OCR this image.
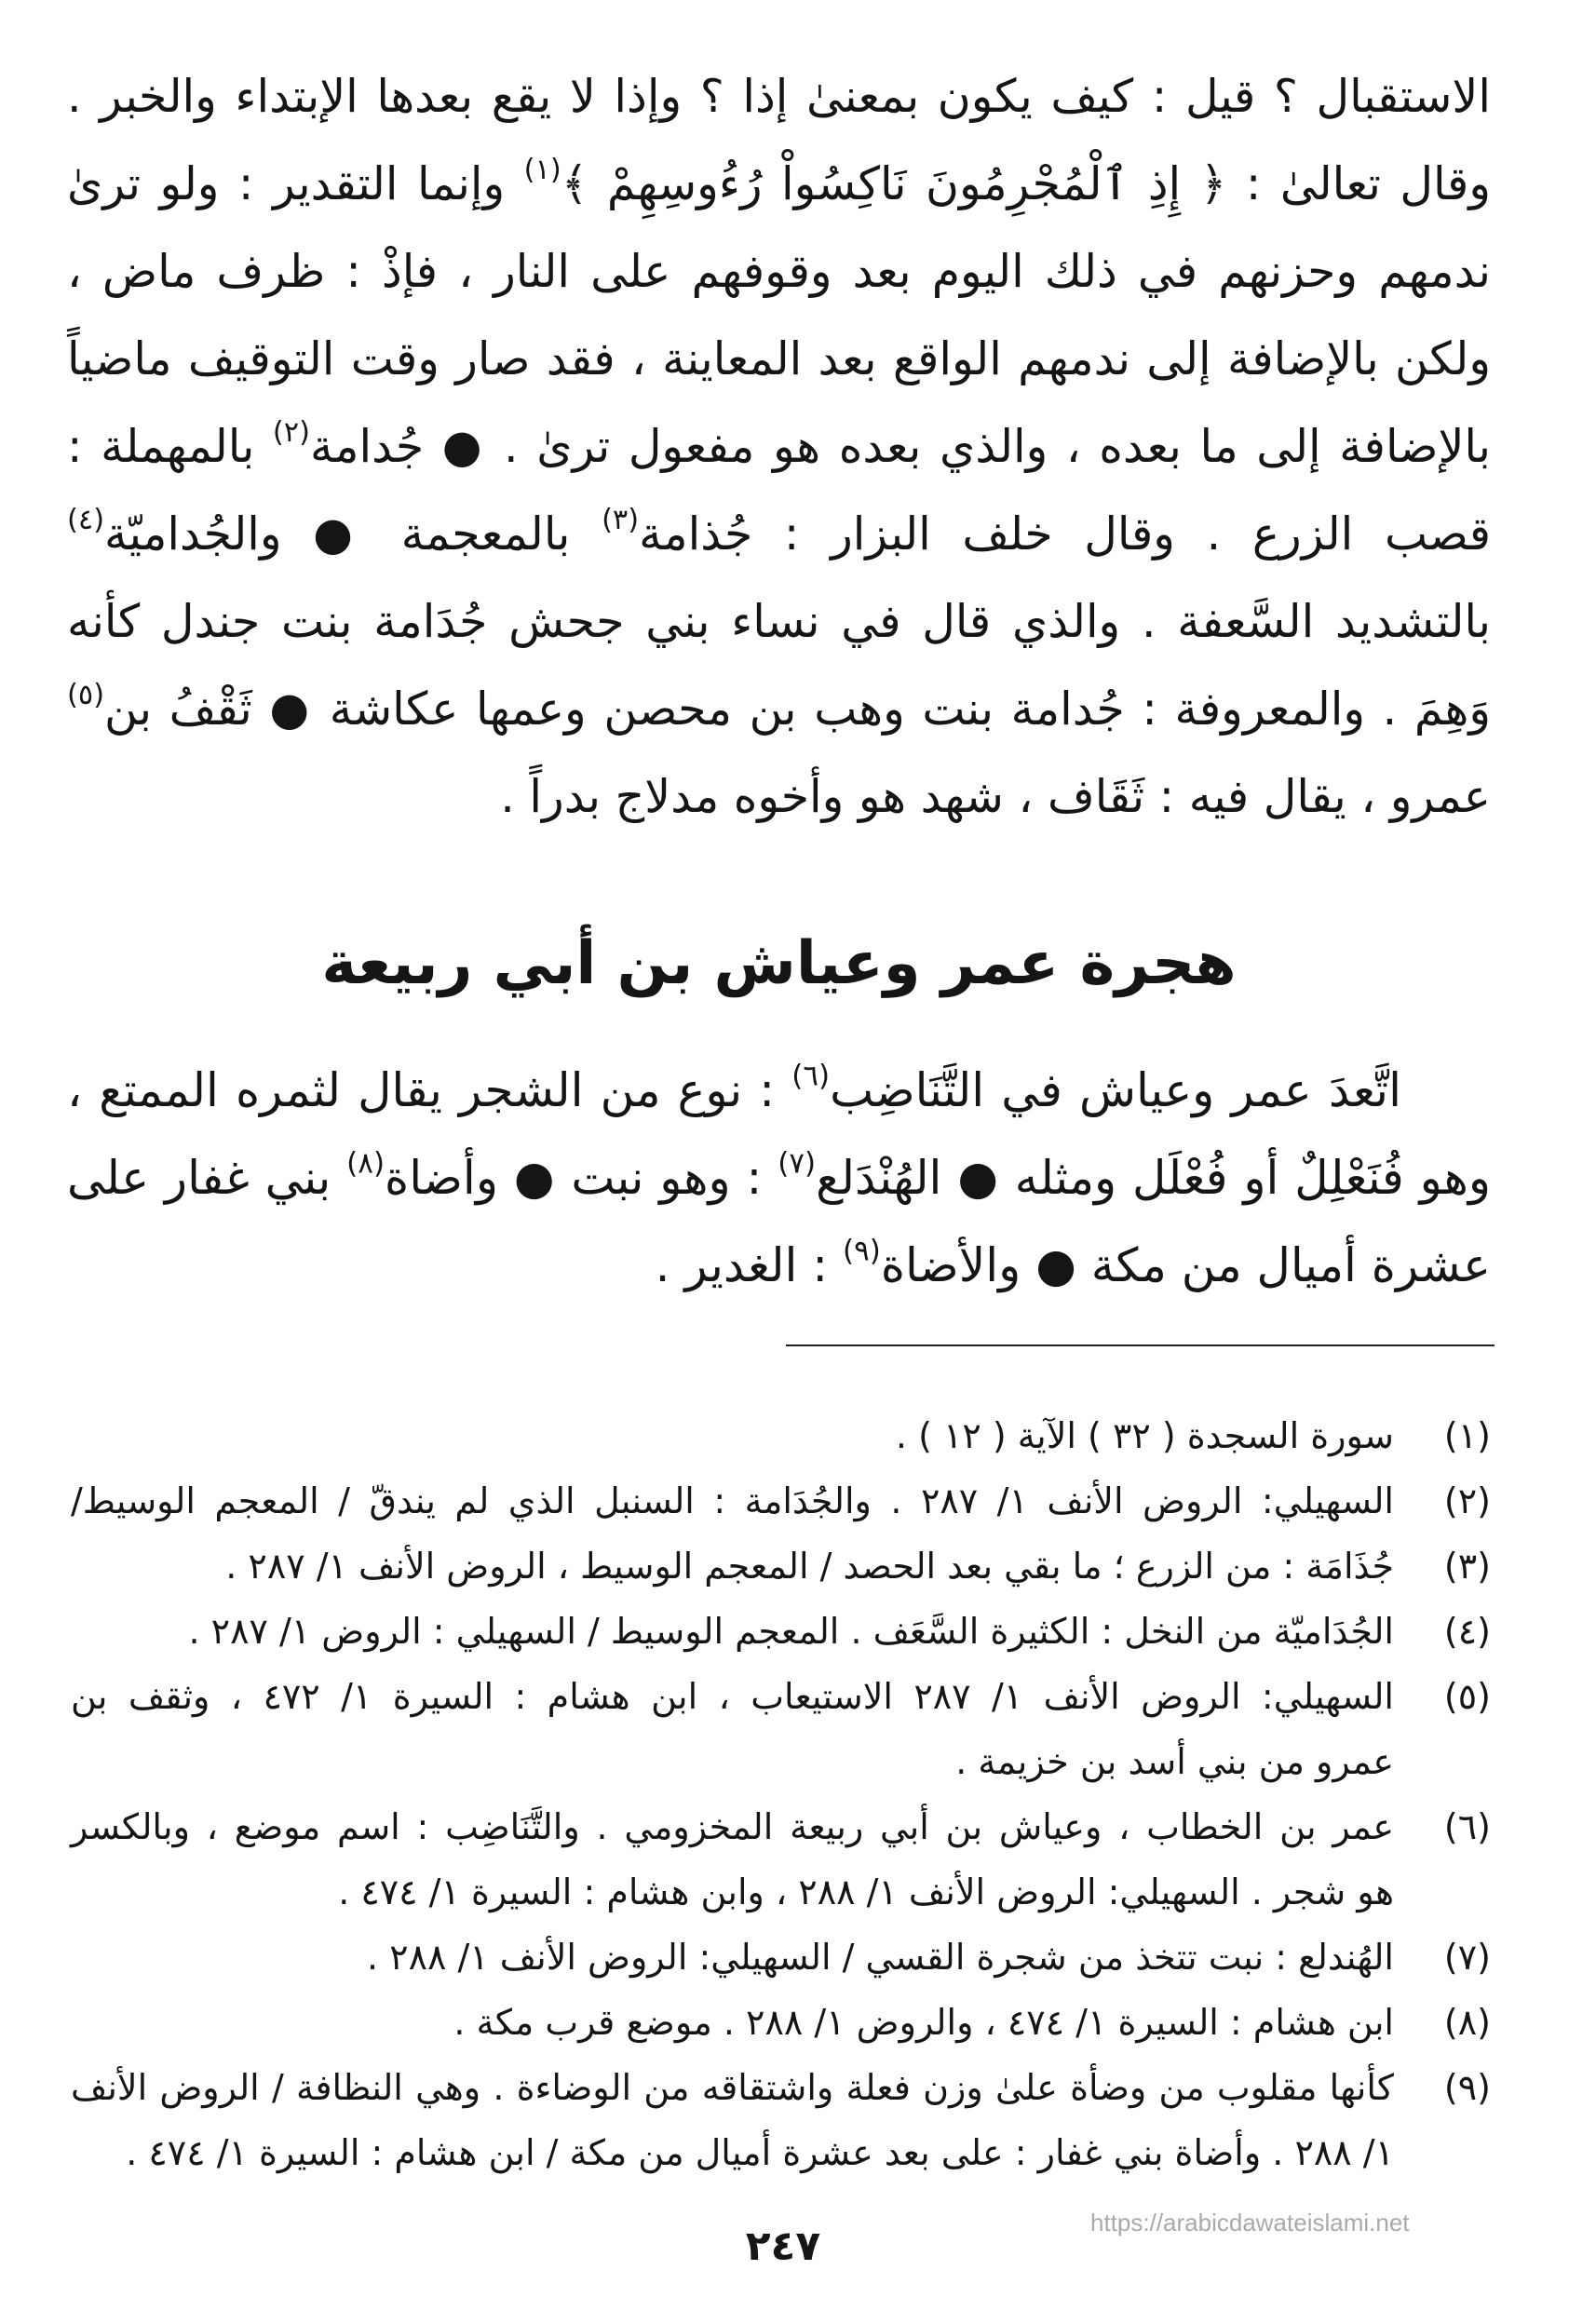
الاستقبال ؟ قيل : كيف يكون بمعنىٰ إذا ؟ وإذا لا يقع بعدها الإبتداء والخبر .
وقال تعالىٰ : ﴿ إِذِ ٱلْمُجْرِمُونَ نَاكِسُواْ رُءُوسِهِمْ ﴾$^{(١)}$ وإنما التقدير : ولو ترىٰ
ندمهم وحزنهم في ذلك اليوم بعد وقوفهم على النار ، فإذْ : ظرف ماض ،
ولكن بالإضافة إلى ندمهم الواقع بعد المعاينة ، فقد صار وقت التوقيف ماضياً
بالإضافة إلى ما بعده ، والذي بعده هو مفعول ترىٰ . ● جُدامة$^{(٢)}$ بالمهملة :
قصب الزرع . وقال خلف البزار : جُذامة$^{(٣)}$ بالمعجمة ● والجُداميّة$^{(٤)}$
بالتشديد السَّعفة . والذي قال في نساء بني جحش جُدَامة بنت جندل كأنه
وَهِمَ . والمعروفة : جُدامة بنت وهب بن محصن وعمها عكاشة ● ثَقْفُ بن$^{(٥)}$
عمرو ، يقال فيه : ثَقَاف ، شهد هو وأخوه مدلاج بدراً .
هجرة عمر وعياش بن أبي ربيعة
اتَّعدَ عمر وعياش في التَّنَاضِب$^{(٦)}$ : نوع من الشجر يقال لثمره الممتع ،
وهو فُنَعْلِلٌ أو فُعْلَل ومثله ● الهُنْدَلع$^{(٧)}$ : وهو نبت ● وأضاة$^{(٨)}$ بني غفار على
عشرة أميال من مكة ● والأضاة$^{(٩)}$ : الغدير .
(١)
سورة السجدة ( ٣٢ ) الآية ( ١٢ ) .
(٢)
السهيلي: الروض الأنف ١/ ٢٨٧ . والجُدَامة : السنبل الذي لم يندقّ / المعجم الوسيط/
(٣)
جُذَامَة : من الزرع ؛ ما بقي بعد الحصد / المعجم الوسيط ، الروض الأنف ١/ ٢٨٧ .
(٤)
الجُدَاميّة من النخل : الكثيرة السَّعَف . المعجم الوسيط / السهيلي : الروض ١/ ٢٨٧ .
(٥)
السهيلي: الروض الأنف ١/ ٢٨٧ الاستيعاب ، ابن هشام : السيرة ١/ ٤٧٢ ، وثقف بن
عمرو من بني أسد بن خزيمة .
(٦)
عمر بن الخطاب ، وعياش بن أبي ربيعة المخزومي . والتَّنَاضِب : اسم موضع ، وبالكسر
هو شجر . السهيلي: الروض الأنف ١/ ٢٨٨ ، وابن هشام : السيرة ١/ ٤٧٤ .
(٧)
الهُندلع : نبت تتخذ من شجرة القسي / السهيلي: الروض الأنف ١/ ٢٨٨ .
(٨)
ابن هشام : السيرة ١/ ٤٧٤ ، والروض ١/ ٢٨٨ . موضع قرب مكة .
(٩)
كأنها مقلوب من وضأة علىٰ وزن فعلة واشتقاقه من الوضاءة . وهي النظافة / الروض الأنف
١/ ٢٨٨ . وأضاة بني غفار : على بعد عشرة أميال من مكة / ابن هشام : السيرة ١/ ٤٧٤ .
https://arabicdawateislami.net
٢٤٧
